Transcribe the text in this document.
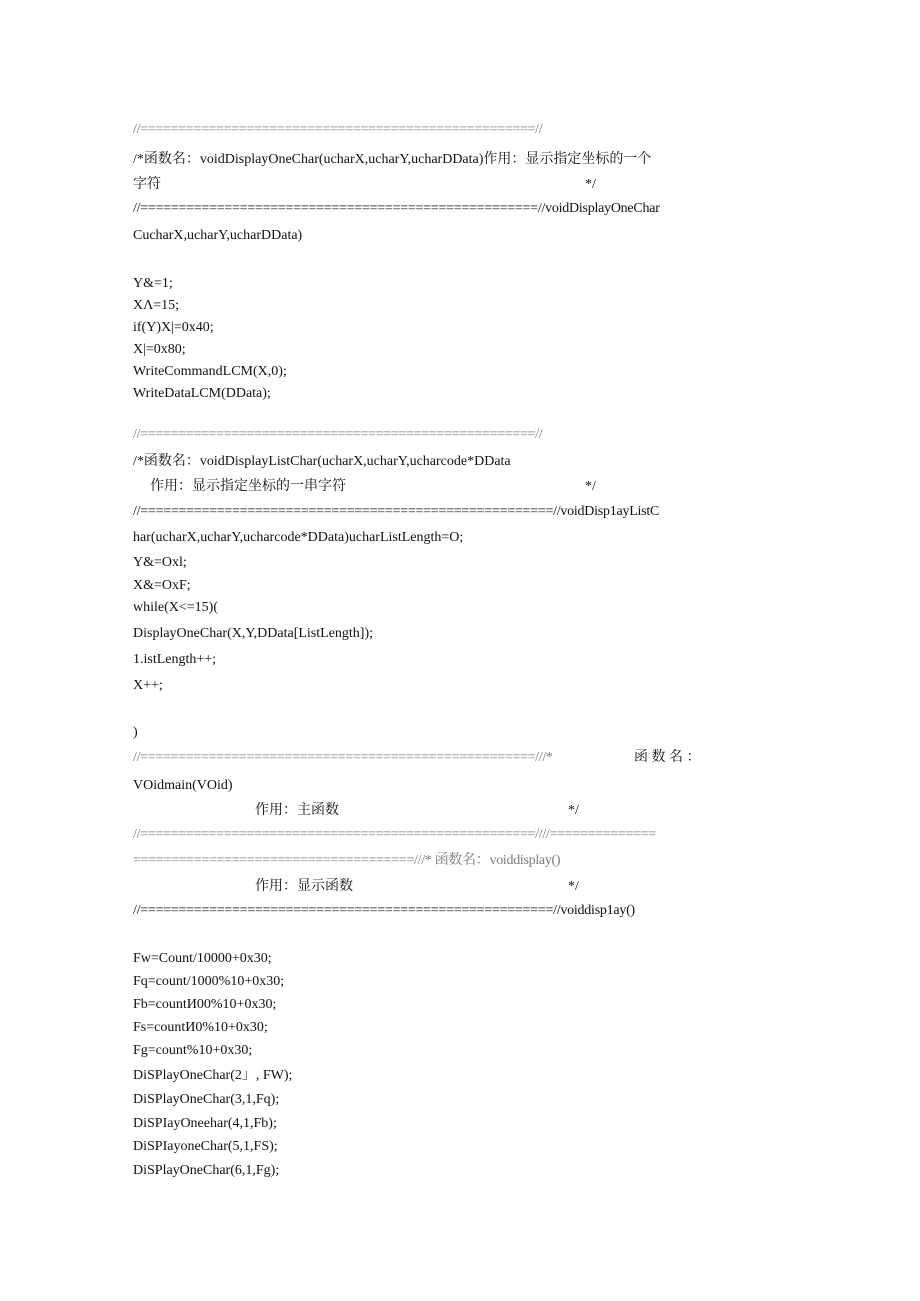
//====================================================//
/*函数名：voidDisplayOneChar(ucharX,ucharY,ucharDData)作用：显示指定坐标的一个
字符	*/
//====================================================//voidDisplayOneChar
CucharX,ucharY,ucharDData)
Y&=1;
XΛ=15;
if(Y)X|=0x40;
X|=0x80;
WriteCommandLCM(X,0);
WriteDataLCM(DData);
//====================================================//
/*函数名：voidDisplayListChar(ucharX,ucharY,ucharcode*DData
作用：显示指定坐标的一串字符	*/
//======================================================//voidDisp1ayListC
har(ucharX,ucharY,ucharcode*DData)ucharListLength=O;
Y&=Oxl;
X&=OxF;
while(X<=15)(
DisplayOneChar(X,Y,DData[ListLength]);
1.istLength++;
X++;
)
//====================================================///*	函 数 名 ：
VOidmain(VOid)
作用：主函数	*/
//====================================================////==============
=====================================///* 函数名：voiddisplay()
作用：显示函数	*/
//======================================================//voiddisp1ay()
Fw=Count/10000+0x30;
Fq=count/1000%10+0x30;
Fb=countИ00%10+0x30;
Fs=countИ0%10+0x30;
Fg=count%10+0x30;
DiSPlayOneChar(2」, FW);
DiSPlayOneChar(3,1,Fq);
DiSPIayOneehar(4,1,Fb);
DiSPIayoneChar(5,1,FS);
DiSPlayOneChar(6,1,Fg);
